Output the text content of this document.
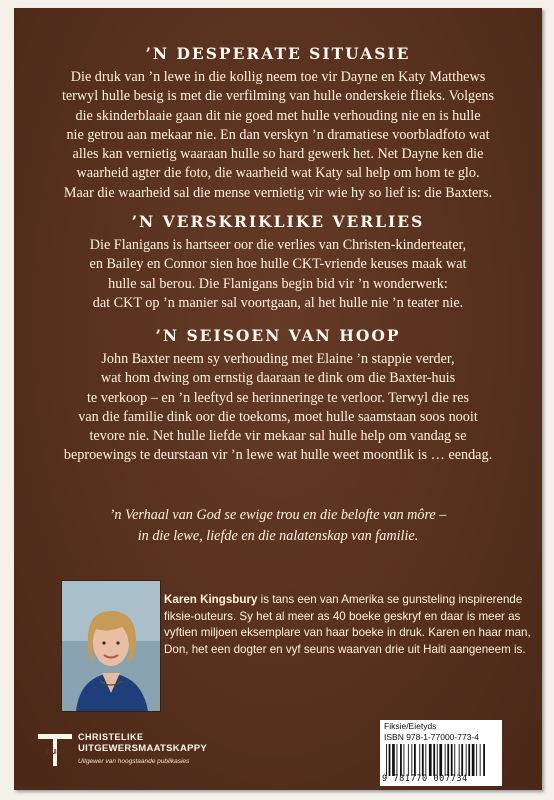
’N DESPERATE SITUASIE

Die druk van ’n lewe in die kollig neem toe vir Dayne en Katy Matthews
terwyl hulle besig is met die verfilming van hulle onderskeie flieks. Volgens
die skinderblaaie gaan dit nie goed met hulle verhouding nie en is hulle
nie getrou aan mekaar nie. En dan verskyn ’n dramatiese voorbladfoto wat
alles kan vernietig waaraan hulle so hard gewerk het. Net Dayne ken die
waarheid agter die foto, die waarheid wat Katy sal help om hom te glo.
Maar die waarheid sal die mense vernietig vir wie hy so lief is: die Baxters.

’N VERSKRIKLIKE VERLIES

Die Flanigans is hartseer oor die verlies van Christen-kinderteater,
en Bailey en Connor sien hoe hulle CKT-vriende keuses maak wat
hulle sal berou. Die Flanigans begin bid vir ’n wonderwerk:
dat CKT op ’n manier sal voortgaan, al het hulle nie ’n teater nie.

’N SEISOEN VAN HOOP

John Baxter neem sy verhouding met Elaine ’n stappie verder,
wat hom dwing om ernstig daaraan te dink om die Baxter-huis
te verkoop – en ’n leeftyd se herinneringe te verloor. Terwyl die res
van die familie dink oor die toekoms, moet hulle saamstaan soos nooit
tevore nie. Net hulle liefde vir mekaar sal hulle help om vandag se
beproewings te deurstaan vir ’n lewe wat hulle weet moontlik is … eendag.

’n Verhaal van God se ewige trou en die belofte van môre –
in die lewe, liefde en die nalatenskap van familie.

Karen Kingsbury is tans een van Amerika se gunsteling inspirerende fiksie-outeurs. Sy het al meer as 40 boeke geskryf en daar is meer as vyftien miljoen eksemplare van haar boeke in druk. Karen en haar man, Don, het een dogter en vyf seuns waarvan drie uit Haiti aangeneem is.

cum
CHRISTELIKE
UITGEWERSMAATSKAPPY
Uitgewer van hoogstaande publikasies
Fiksie/Eietyds
ISBN 978-1-77000-773-4
9 781770 007734
